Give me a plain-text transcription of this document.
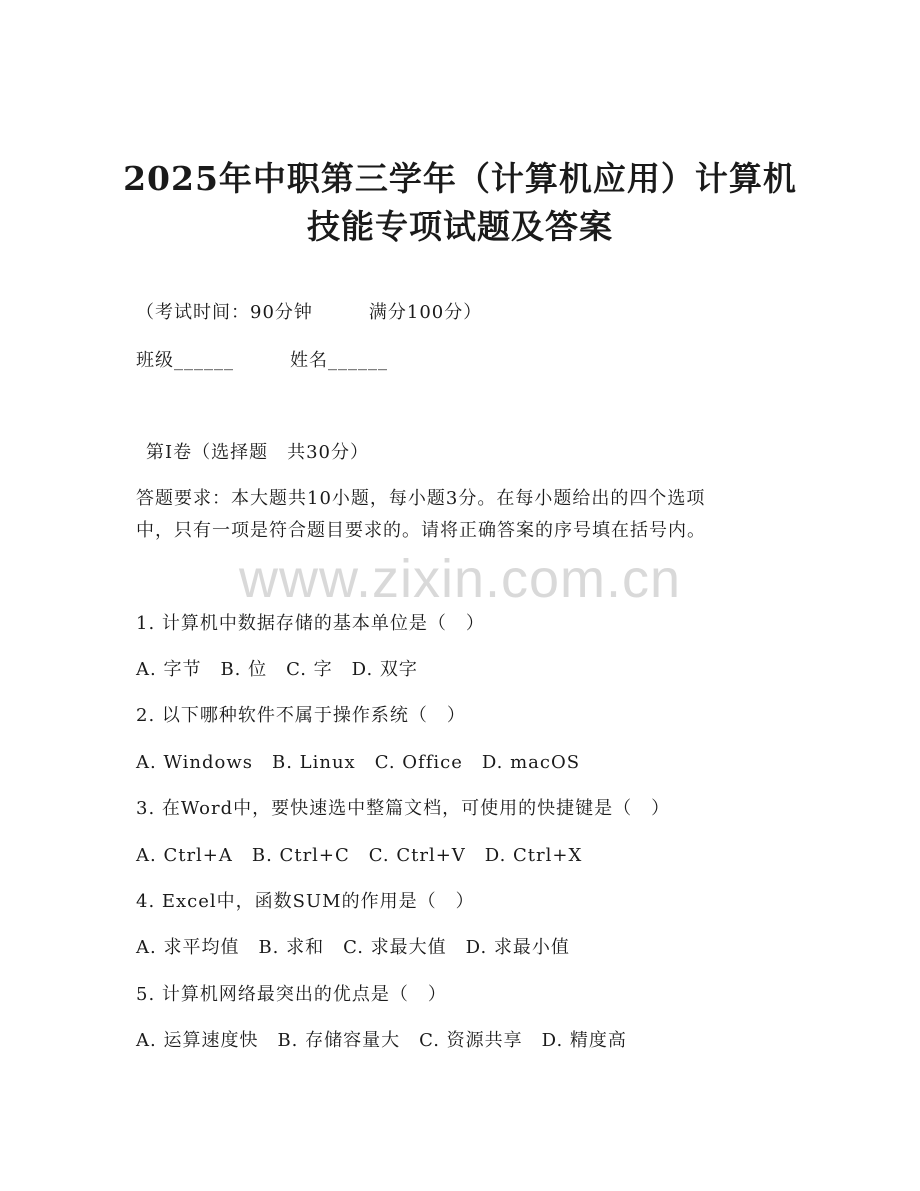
2025年中职第三学年（计算机应用）计算机
技能专项试题及答案
（考试时间：90分钟	满分100分）
班级______	姓名______
第I卷（选择题　共30分）
答题要求：本大题共10小题，每小题3分。在每小题给出的四个选项
中，只有一项是符合题目要求的。请将正确答案的序号填在括号内。
www.zixin.com.cn
1. 计算机中数据存储的基本单位是（　）
A. 字节　B. 位　C. 字　D. 双字
2. 以下哪种软件不属于操作系统（　）
A. Windows　B. Linux　C. Office　D. macOS
3. 在Word中，要快速选中整篇文档，可使用的快捷键是（　）
A. Ctrl+A　B. Ctrl+C　C. Ctrl+V　D. Ctrl+X
4. Excel中，函数SUM的作用是（　）
A. 求平均值　B. 求和　C. 求最大值　D. 求最小值
5. 计算机网络最突出的优点是（　）
A. 运算速度快　B. 存储容量大　C. 资源共享　D. 精度高
